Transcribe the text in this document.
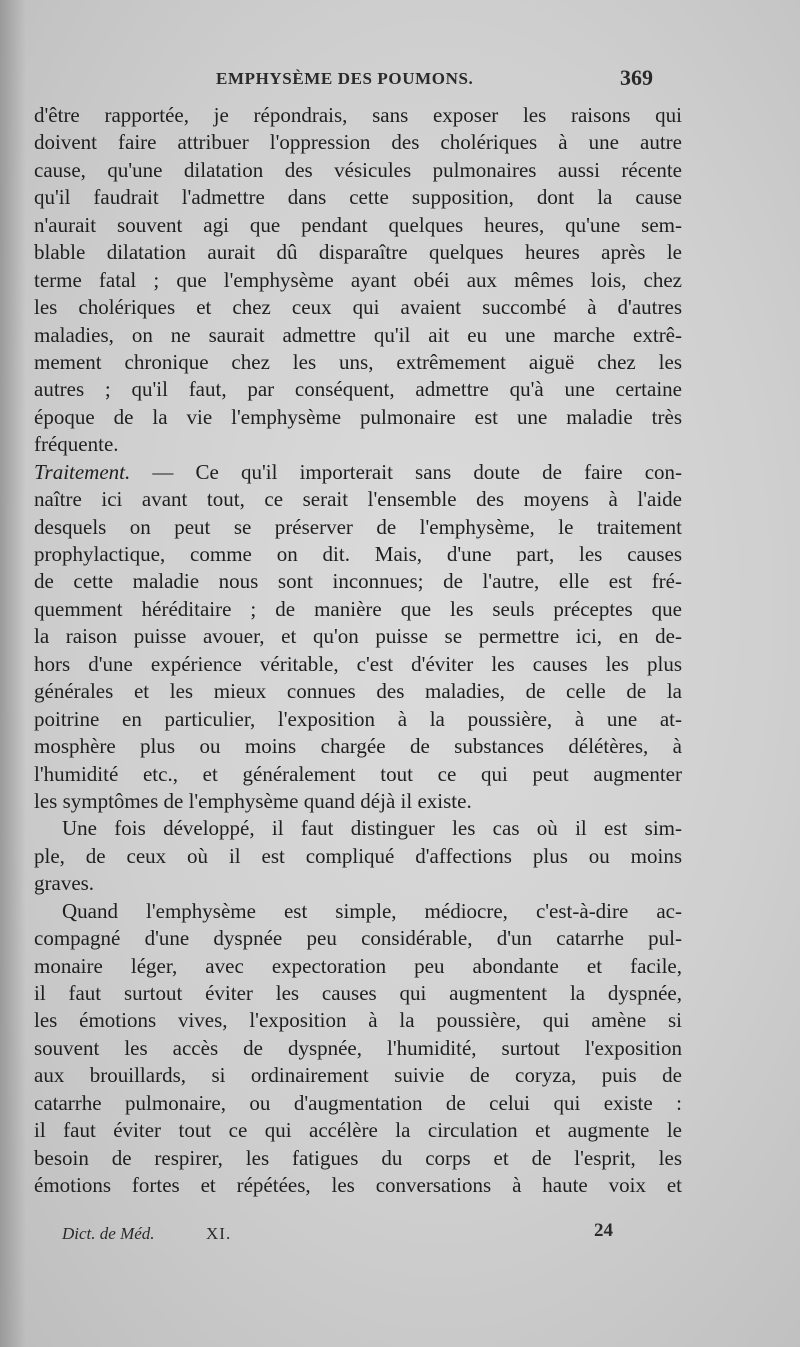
EMPHYSÈME DES POUMONS.	369
d'être rapportée, je répondrais, sans exposer les raisons qui
doivent faire attribuer l'oppression des cholériques à une autre
cause, qu'une dilatation des vésicules pulmonaires aussi récente
qu'il faudrait l'admettre dans cette supposition, dont la cause
n'aurait souvent agi que pendant quelques heures, qu'une sem-
blable dilatation aurait dû disparaître quelques heures après le
terme fatal ; que l'emphysème ayant obéi aux mêmes lois, chez
les cholériques et chez ceux qui avaient succombé à d'autres
maladies, on ne saurait admettre qu'il ait eu une marche extrê-
mement chronique chez les uns, extrêmement aiguë chez les
autres ; qu'il faut, par conséquent, admettre qu'à une certaine
époque de la vie l'emphysème pulmonaire est une maladie très
fréquente.
Traitement. — Ce qu'il importerait sans doute de faire con-
naître ici avant tout, ce serait l'ensemble des moyens à l'aide
desquels on peut se préserver de l'emphysème, le traitement
prophylactique, comme on dit. Mais, d'une part, les causes
de cette maladie nous sont inconnues; de l'autre, elle est fré-
quemment héréditaire ; de manière que les seuls préceptes que
la raison puisse avouer, et qu'on puisse se permettre ici, en de-
hors d'une expérience véritable, c'est d'éviter les causes les plus
générales et les mieux connues des maladies, de celle de la
poitrine en particulier, l'exposition à la poussière, à une at-
mosphère plus ou moins chargée de substances délétères, à
l'humidité etc., et généralement tout ce qui peut augmenter
les symptômes de l'emphysème quand déjà il existe.
Une fois développé, il faut distinguer les cas où il est sim-
ple, de ceux où il est compliqué d'affections plus ou moins
graves.
Quand l'emphysème est simple, médiocre, c'est-à-dire ac-
compagné d'une dyspnée peu considérable, d'un catarrhe pul-
monaire léger, avec expectoration peu abondante et facile,
il faut surtout éviter les causes qui augmentent la dyspnée,
les émotions vives, l'exposition à la poussière, qui amène si
souvent les accès de dyspnée, l'humidité, surtout l'exposition
aux brouillards, si ordinairement suivie de coryza, puis de
catarrhe pulmonaire, ou d'augmentation de celui qui existe :
il faut éviter tout ce qui accélère la circulation et augmente le
besoin de respirer, les fatigues du corps et de l'esprit, les
émotions fortes et répétées, les conversations à haute voix et
Dict. de Méd.	XI.	24
